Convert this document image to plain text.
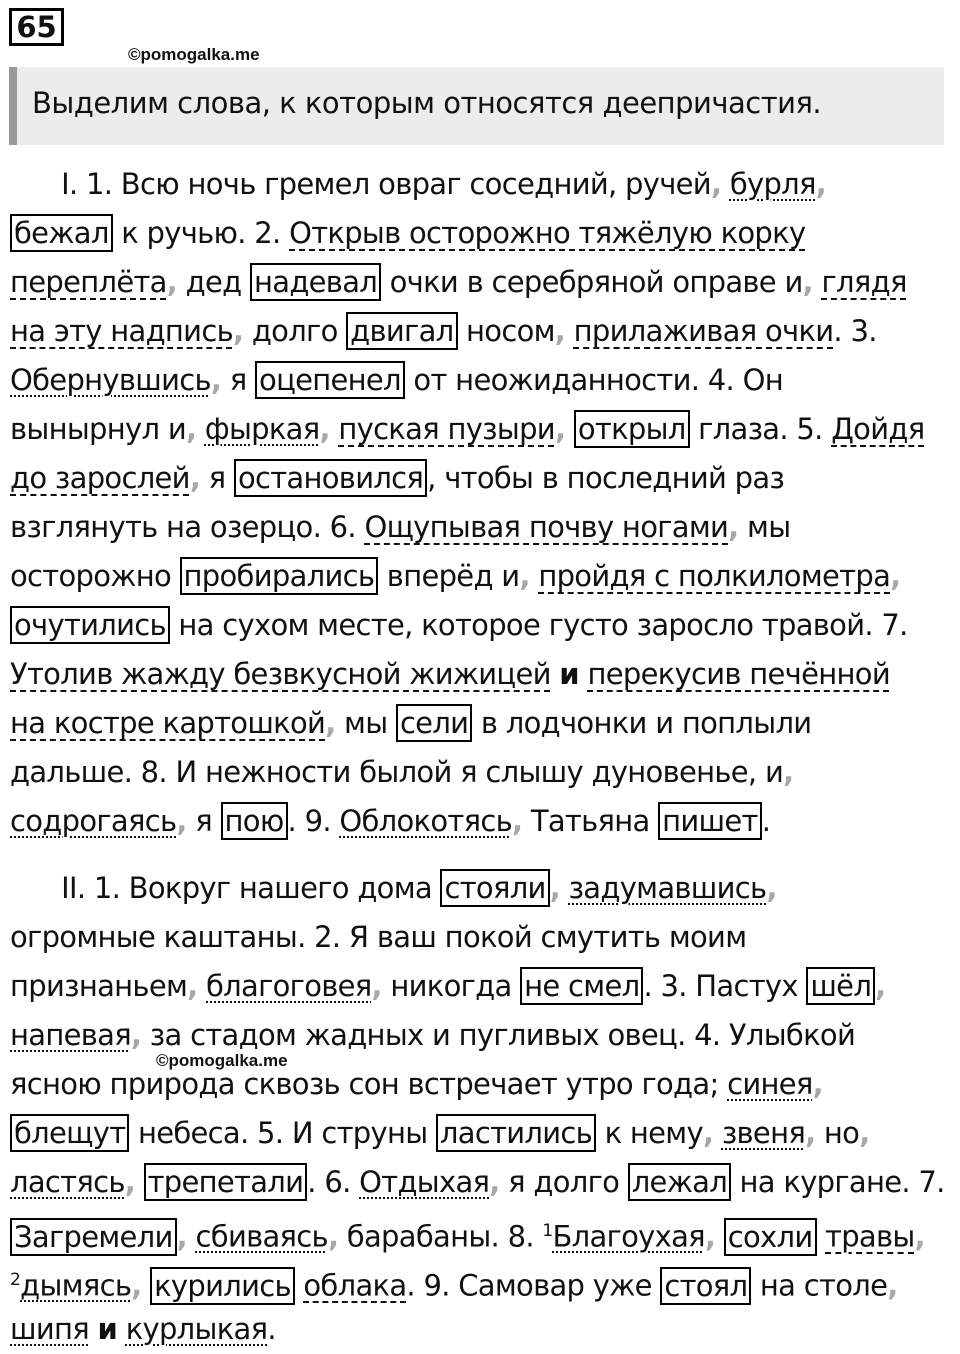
65
©pomogalka.me
Выделим слова, к которым относятся деепричастия.
I. 1. Всю ночь гремел овраг соседний, ручей, бурля,
бежал к ручью. 2. Открыв осторожно тяжёлую корку
переплёта, дед надевал очки в серебряной оправе и, глядя
на эту надпись, долго двигал носом, прилаживая очки. 3.
Обернувшись, я оцепенел от неожиданности. 4. Он
вынырнул и, фыркая, пуская пузыри, открыл глаза. 5. Дойдя
до зарослей, я остановился , чтобы в последний раз
взглянуть на озерцо. 6. Ощупывая почву ногами, мы
осторожно пробирались вперёд и, пройдя с полкилометра,
очутились на сухом месте, которое густо заросло травой. 7.
Утолив жажду безвкусной жижицей и перекусив печённой
на костре картошкой, мы сели в лодчонки и поплыли
дальше. 8. И нежности былой я слышу дуновенье, и,
содрогаясь, я пою . 9. Облокотясь, Татьяна пишет .
II. 1. Вокруг нашего дома стояли , задумавшись,
огромные каштаны. 2. Я ваш покой смутить моим
признаньем, благоговея, никогда не смел . 3. Пастух шёл ,
напевая, за стадом жадных и пугливых овец. 4. Улыбкой
ясною природа сквозь сон встречает утро года; синея,
блещут небеса. 5. И струны ластились к нему, звеня, но,
ластясь, трепетали . 6. Отдыхая, я долго лежал на кургане. 7.
Загремели , сбиваясь, барабаны. 8. $^1$Благоухая, сохли травы,
$^2$дымясь, курились облака. 9. Самовар уже стоял на столе,
шипя и курлыкая.
©pomogalka.me
